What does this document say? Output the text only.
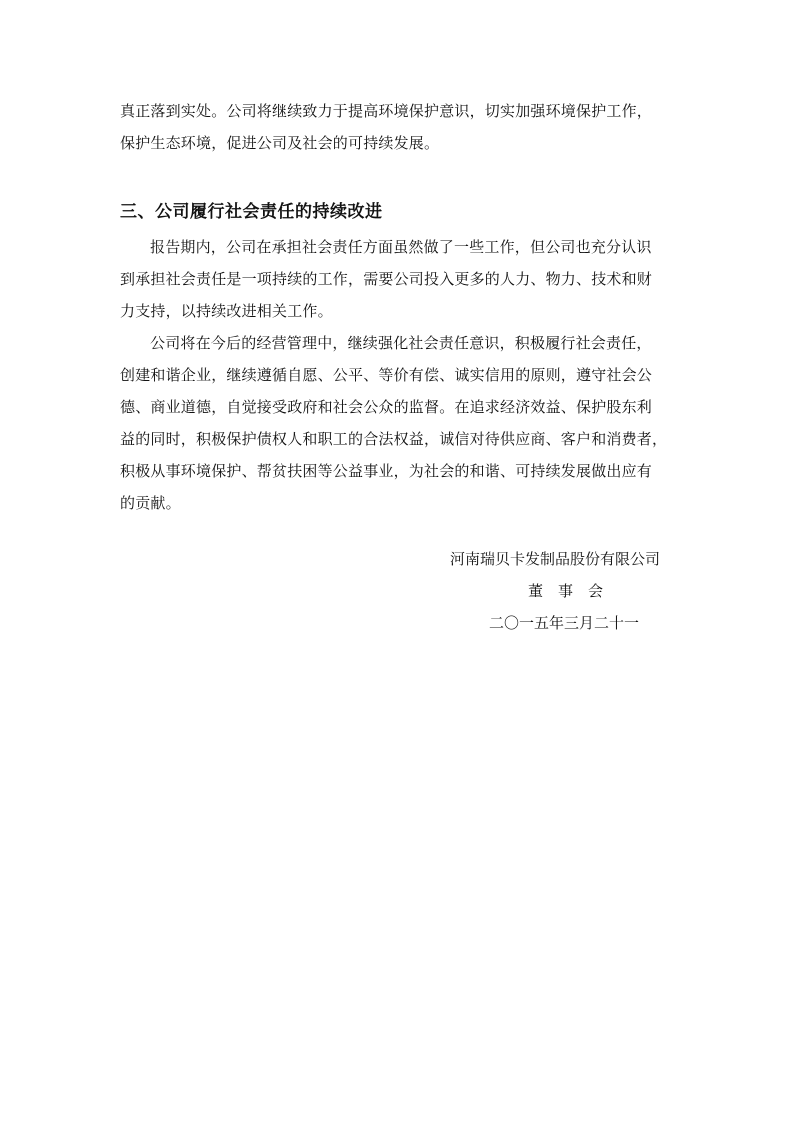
真正落到实处。公司将继续致力于提高环境保护意识，切实加强环境保护工作，
保护生态环境，促进公司及社会的可持续发展。
三、公司履行社会责任的持续改进
报告期内，公司在承担社会责任方面虽然做了一些工作，但公司也充分认识
到承担社会责任是一项持续的工作，需要公司投入更多的人力、物力、技术和财
力支持，以持续改进相关工作。
公司将在今后的经营管理中，继续强化社会责任意识，积极履行社会责任，
创建和谐企业，继续遵循自愿、公平、等价有偿、诚实信用的原则，遵守社会公
德、商业道德，自觉接受政府和社会公众的监督。在追求经济效益、保护股东利
益的同时，积极保护债权人和职工的合法权益，诚信对待供应商、客户和消费者，
积极从事环境保护、帮贫扶困等公益事业，为社会的和谐、可持续发展做出应有
的贡献。
河南瑞贝卡发制品股份有限公司
董　事　会
二〇一五年三月二十一
